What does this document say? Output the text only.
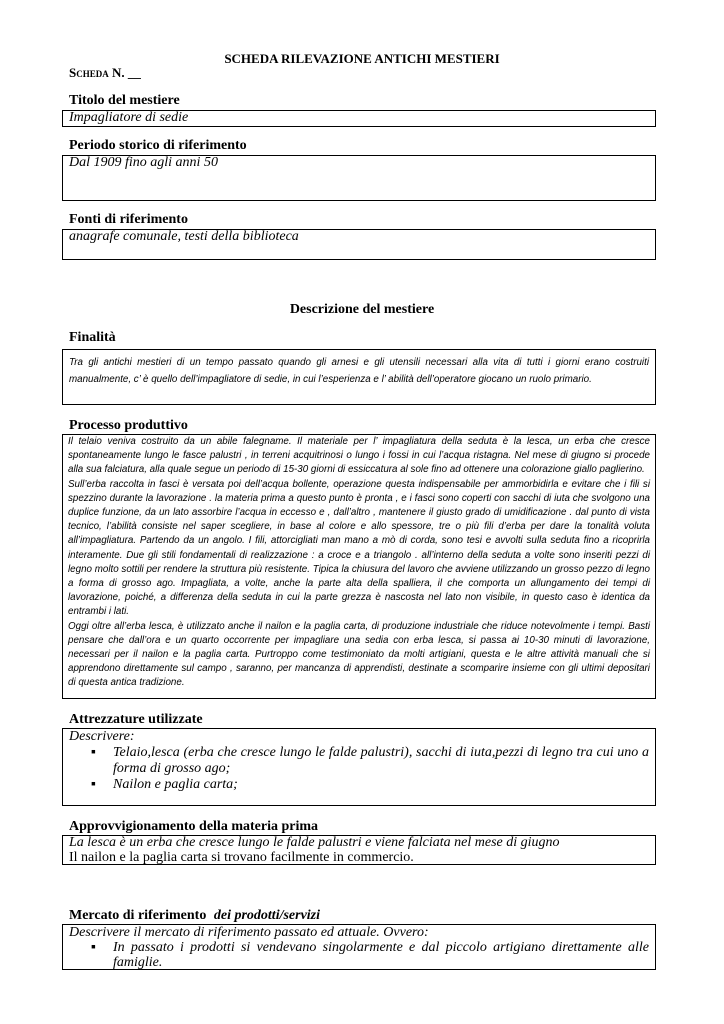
SCHEDA RILEVAZIONE ANTICHI MESTIERI
Scheda N. __
Titolo del mestiere
Impagliatore di sedie
Periodo storico di riferimento
Dal 1909 fino agli anni 50
Fonti di riferimento
anagrafe comunale, testi della biblioteca
Descrizione del mestiere
Finalità
Tra gli antichi mestieri di un tempo passato quando gli arnesi e gli utensili necessari alla vita di tutti i giorni erano costruiti manualmente, c’ è quello dell’impagliatore di sedie, in cui l’esperienza e l’ abilità dell’operatore giocano un ruolo primario.
Processo produttivo

Il telaio veniva costruito da un abile falegname. Il materiale per l’ impagliatura della seduta è la lesca, un erba che cresce spontaneamente lungo le fasce palustri , in terreni acquitrinosi o lungo i fossi in cui l’acqua ristagna. Nel mese di giugno si procede alla sua falciatura, alla quale segue un periodo di 15-30 giorni di essiccatura al sole fino ad ottenere una colorazione giallo paglierino.

Sull’erba raccolta in fasci è versata poi dell’acqua bollente, operazione questa indispensabile per ammorbidirla e evitare che i fili si spezzino durante la lavorazione . la materia prima a questo punto è pronta , e i fasci sono coperti con sacchi di iuta che svolgono una duplice funzione, da un lato assorbire l’acqua in eccesso e , dall’altro , mantenere il giusto grado di umidificazione . dal punto di vista tecnico, l’abilità consiste nel saper scegliere, in base al colore e allo spessore, tre o più fili d’erba per dare la tonalità voluta all’impagliatura. Partendo da un angolo. I fili, attorcigliati man mano a mò di corda, sono tesi e avvolti sulla seduta fino a ricoprirla interamente. Due gli stili fondamentali di realizzazione : a croce e a triangolo . all’interno della seduta a volte sono inseriti pezzi di legno molto sottili per rendere la struttura più resistente. Tipica la chiusura del lavoro che avviene utilizzando un grosso pezzo di legno a forma di grosso ago. Impagliata, a volte, anche la parte alta della spalliera, il che comporta un allungamento dei tempi di lavorazione, poiché, a differenza della seduta in cui la parte grezza è nascosta nel lato non visibile, in questo caso è identica da entrambi i lati.

Oggi oltre all’erba lesca, è utilizzato anche il nailon e la paglia carta, di produzione industriale che riduce notevolmente i tempi. Basti pensare che dall’ora e un quarto occorrente per impagliare una sedia con erba lesca, si passa ai 10-30 minuti di lavorazione, necessari per il nailon e la paglia carta. Purtroppo come testimoniato da molti artigiani, questa e le altre attività manuali che si apprendono direttamente sul campo , saranno, per mancanza di apprendisti, destinate a scomparire insieme con gli ultimi depositari di questa antica tradizione.

Attrezzature utilizzate
Descrivere:
▪ Telaio,lesca (erba che cresce lungo le falde palustri), sacchi di iuta,pezzi di legno tra cui uno a forma di grosso ago;
▪ Nailon e paglia carta;
Approvvigionamento della materia prima
La lesca è un erba che cresce lungo le falde palustri e viene falciata nel mese di giugno
Il nailon e la paglia carta si trovano facilmente in commercio.
Mercato di riferimento dei prodotti/servizi
Descrivere il mercato di riferimento passato ed attuale. Ovvero:
▪ In passato i prodotti si vendevano singolarmente e dal piccolo artigiano direttamente alle famiglie.
